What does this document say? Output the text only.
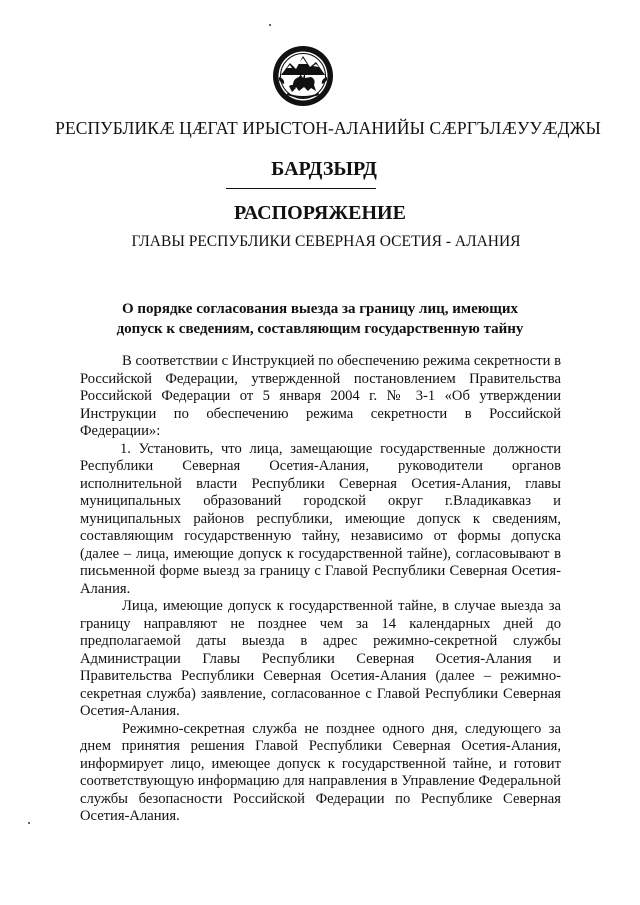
РЕСПУБЛИКӔ ЦӔГАТ ИРЫСТОН-АЛАНИЙЫ СӔРГЪЛӔУУӔДЖЫ
БАРДЗЫРД
РАСПОРЯЖЕНИЕ
ГЛАВЫ РЕСПУБЛИКИ СЕВЕРНАЯ ОСЕТИЯ - АЛАНИЯ
О порядке согласования выезда за границу лиц, имеющих
допуск к сведениям, составляющим государственную тайну

В соответствии с Инструкцией по обеспечению режима секретности в Российской Федерации, утвержденной постановлением Правительства Российской Федерации от 5 января 2004 г. № 3-1 «Об утверждении Инструкции по обеспечению режима секретности в Российской Федерации»:

1. Установить, что лица, замещающие государственные должности Республики Северная Осетия-Алания, руководители органов исполнительной власти Республики Северная Осетия-Алания, главы муниципальных образований городской округ г.Владикавказ и муниципальных районов республики, имеющие допуск к сведениям, составляющим государственную тайну, независимо от формы допуска (далее – лица, имеющие допуск к государственной тайне), согласовывают в письменной форме выезд за границу с Главой Республики Северная Осетия-Алания.

Лица, имеющие допуск к государственной тайне, в случае выезда за границу направляют не позднее чем за 14 календарных дней до предполагаемой даты выезда в адрес режимно-секретной службы Администрации Главы Республики Северная Осетия-Алания и Правительства Республики Северная Осетия-Алания (далее – режимно-секретная служба) заявление, согласованное с Главой Республики Северная Осетия-Алания.

Режимно-секретная служба не позднее одного дня, следующего за днем принятия решения Главой Республики Северная Осетия-Алания, информирует лицо, имеющее допуск к государственной тайне, и готовит соответствующую информацию для направления в Управление Федеральной службы безопасности Российской Федерации по Республике Северная Осетия-Алания.
